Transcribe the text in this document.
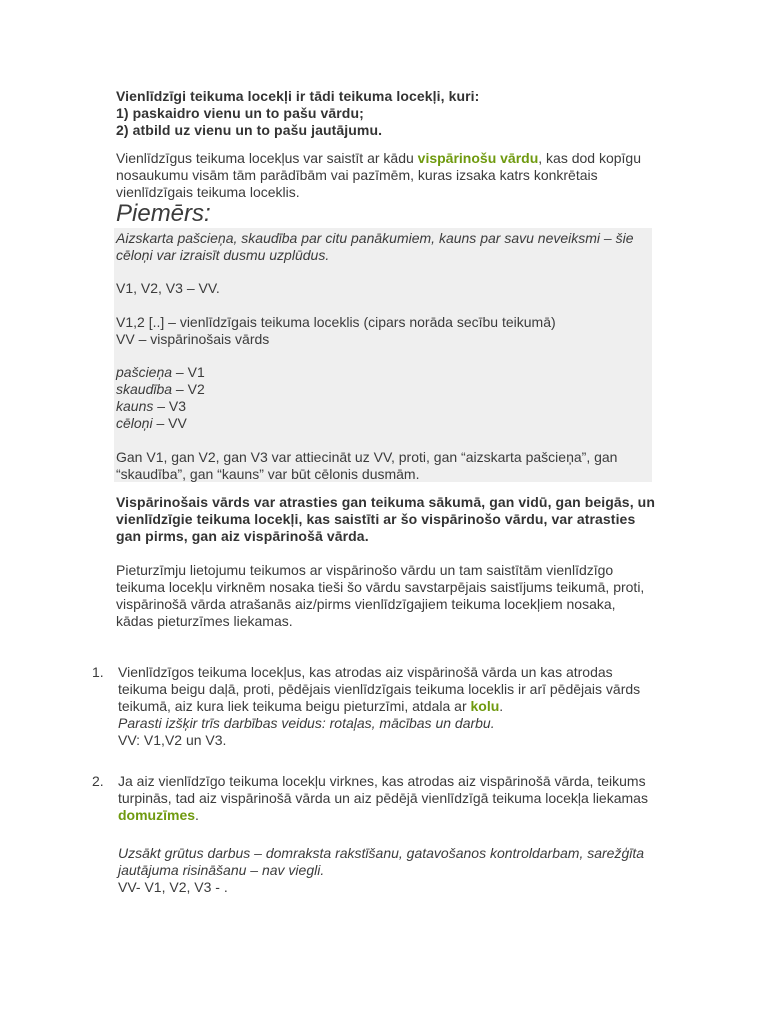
Vienlīdzīgi teikuma locekļi ir tādi teikuma locekļi, kuri:
1) paskaidro vienu un to pašu vārdu;
2) atbild uz vienu un to pašu jautājumu.

Vienlīdzīgus teikuma locekļus var saistīt ar kādu vispārinošu vārdu, kas dod kopīgu nosaukumu visām tām parādībām vai pazīmēm, kuras izsaka katrs konkrētais vienlīdzīgais teikuma loceklis.

Piemērs:

Aizskarta pašcieņa, skaudība par citu panākumiem, kauns par savu neveiksmi – šie cēloņi var izraisīt dusmu uzplūdus.

V1, V2, V3 – VV.

V1,2 [..] – vienlīdzīgais teikuma loceklis (cipars norāda secību teikumā)

VV – vispārinošais vārds

pašcieņa – V1

skaudība – V2

kauns – V3

cēloņi – VV

Gan V1, gan V2, gan V3 var attiecināt uz VV, proti, gan “aizskarta pašcieņa”, gan “skaudība”, gan “kauns” var būt cēlonis dusmām.

Vispārinošais vārds var atrasties gan teikuma sākumā, gan vidū, gan beigās, un vienlīdzīgie teikuma locekļi, kas saistīti ar šo vispārinošo vārdu, var atrasties gan pirms, gan aiz vispārinošā vārda.

Pieturzīmju lietojumu teikumos ar vispārinošo vārdu un tam saistītām vienlīdzīgo teikuma locekļu virknēm nosaka tieši šo vārdu savstarpējais saistījums teikumā, proti, vispārinošā vārda atrašanās aiz/pirms vienlīdzīgajiem teikuma locekļiem nosaka, kādas pieturzīmes liekamas.

1. Vienlīdzīgos teikuma locekļus, kas atrodas aiz vispārinošā vārda un kas atrodas teikuma beigu daļā, proti, pēdējais vienlīdzīgais teikuma loceklis ir arī pēdējais vārds teikumā, aiz kura liek teikuma beigu pieturzīmi, atdala ar kolu.
Parasti izšķir trīs darbības veidus: rotaļas, mācības un darbu.
VV: V1,V2 un V3.

2. Ja aiz vienlīdzīgo teikuma locekļu virknes, kas atrodas aiz vispārinošā vārda, teikums turpinās, tad aiz vispārinošā vārda un aiz pēdējā vienlīdzīgā teikuma locekļa liekamas domuzīmes.

Uzsākt grūtus darbus – domraksta rakstīšanu, gatavošanos kontroldarbam, sarežģīta jautājuma risināšanu – nav viegli.
VV- V1, V2, V3 - .
